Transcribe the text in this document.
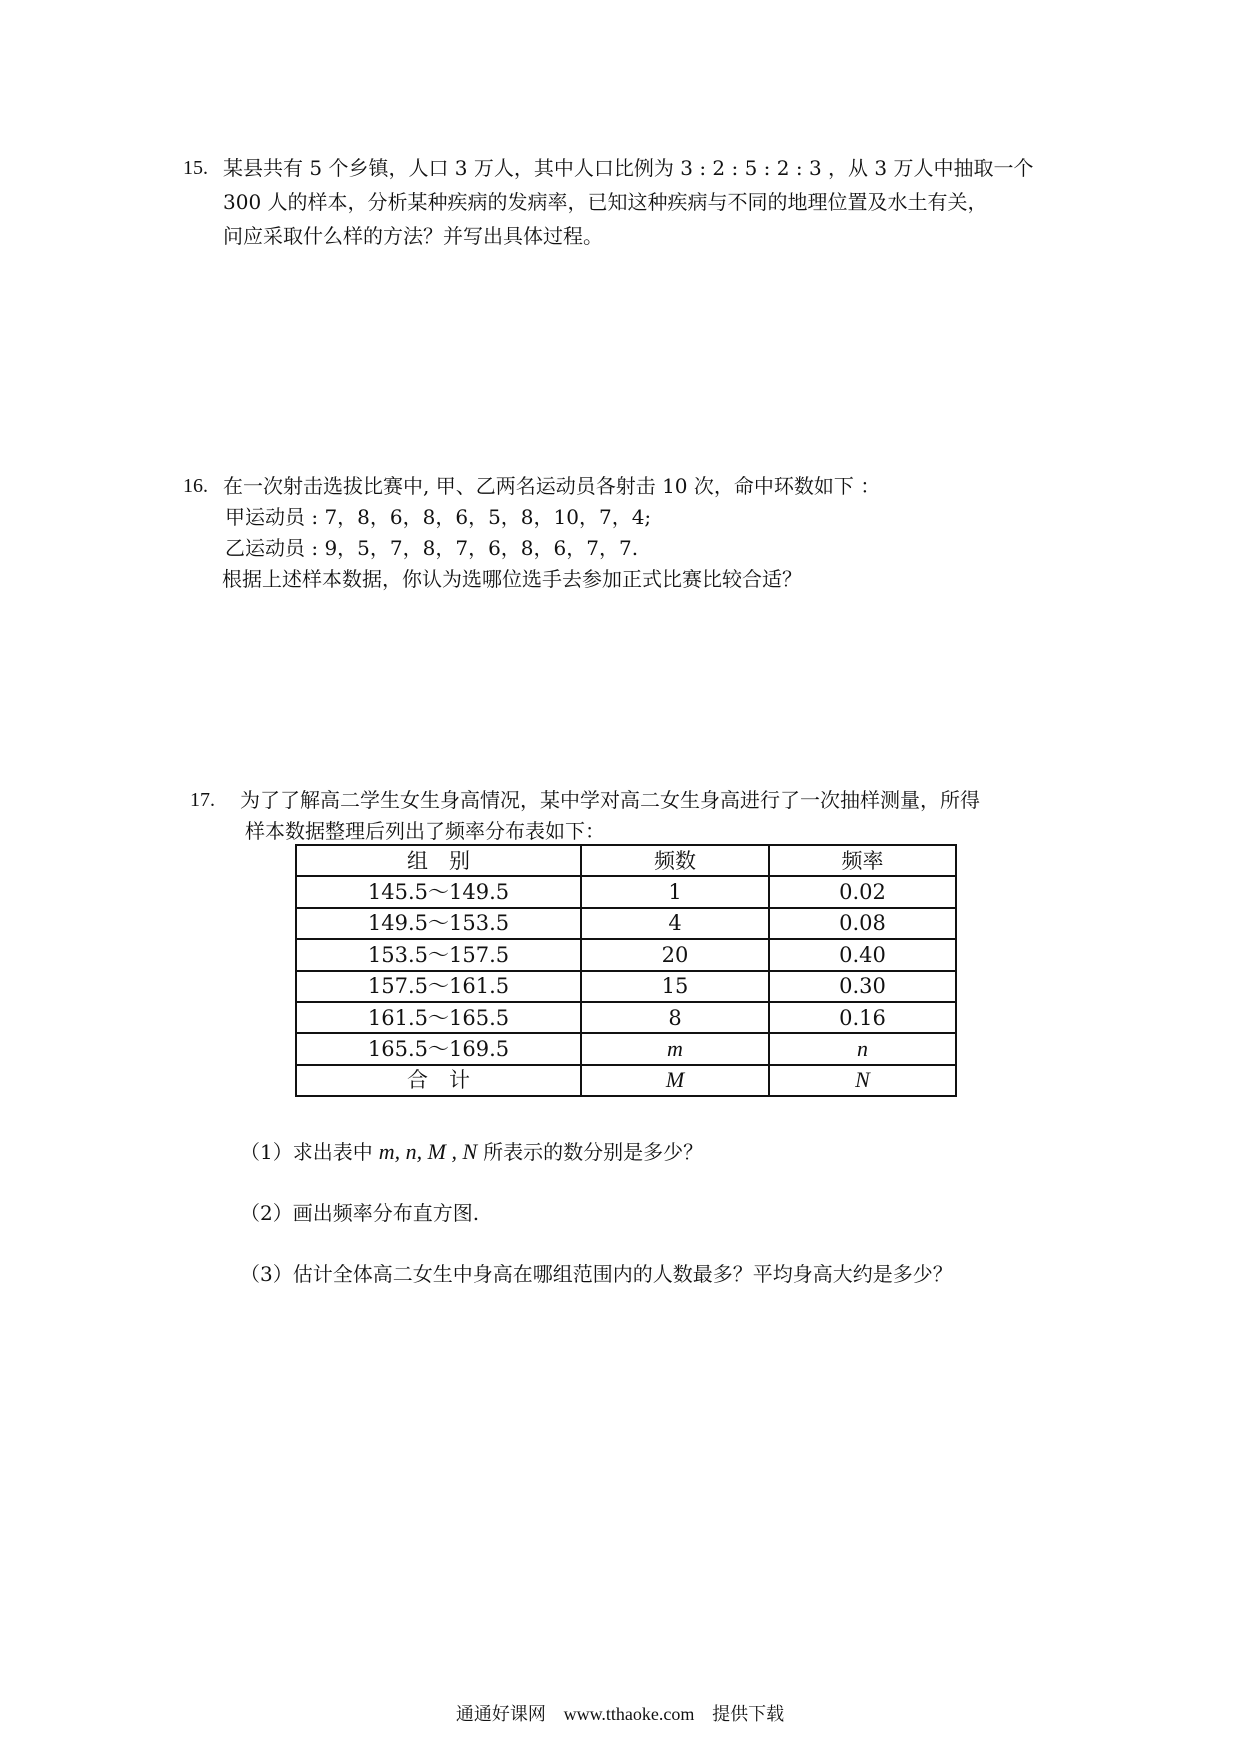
15. 某县共有 5 个乡镇，人口 3 万人，其中人口比例为 3 : 2 : 5 : 2 : 3 ，从 3 万人中抽取一个
300 人的样本，分析某种疾病的发病率，已知这种疾病与不同的地理位置及水土有关，
问应采取什么样的方法？并写出具体过程。
16. 在一次射击选拔比赛中, 甲、乙两名运动员各射击 10 次，命中环数如下 ：
甲运动员 : 7，8，6，8，6，5，8，10，7，4;
乙运动员 : 9，5，7，8，7，6，8，6，7，7.
根据上述样本数据，你认为选哪位选手去参加正式比赛比较合适？
17. 为了了解高二学生女生身高情况，某中学对高二女生身高进行了一次抽样测量，所得
样本数据整理后列出了频率分布表如下：
组　别	频数	频率
145.5～149.5	1	0.02
149.5～153.5	4	0.08
153.5～157.5	20	0.40
157.5～161.5	15	0.30
161.5～165.5	8	0.16
165.5～169.5	m	n
合　计	M	N
（1）求出表中 m, n, M , N 所表示的数分别是多少？
（2）画出频率分布直方图.
（3）估计全体高二女生中身高在哪组范围内的人数最多？平均身高大约是多少？
通通好课网 www.tthaoke.com 提供下载
